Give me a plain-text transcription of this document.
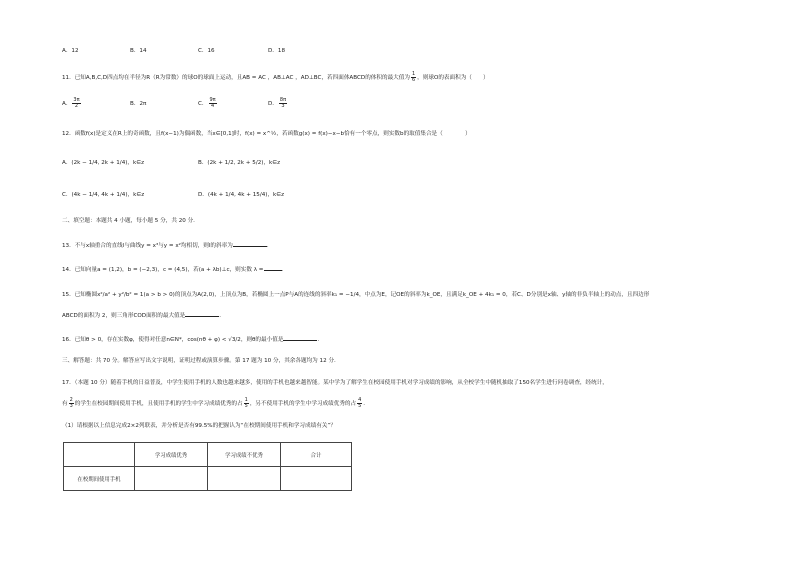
A．12	B．14	C．16	D．18
11．已知A,B,C,D四点均在半径为R（R为常数）的球O的球面上运动，且AB = AC ，AB⊥AC ，AD⊥BC，若四面体ABCD的体积的最大值为 $\frac{1}{6}$ ，则球O的表面积为（　　）
A． $\frac{3\pi}{2}$	B．2π	C． $\frac{9\pi}{4}$	D． $\frac{8\pi}{3}$
12．函数f(x)是定义在R上的奇函数，且f(x−1)为偶函数，当x∈[0,1]时，f(x) = x^½，若函数g(x) = f(x)−x−b恰有一个零点，则实数b的取值集合是（　　　　）
A．(2k − 1/4, 2k + 1/4)，k∈z	B．(2k + 1/2, 2k + 5/2)，k∈z
C．(4k − 1/4, 4k + 1/4)，k∈z	D．(4k + 1/4, 4k + 15/4)，k∈z
二、填空题：本题共 4 小题，每小题 5 分，共 20 分.
13．不与x轴重合的直线l与曲线y = x³与y = x²均相切，则l的斜率为	.
14．已知向量a = (1,2)，b = (−2,3)，c = (4,5)，若(a + λb)⊥c，则实数 λ =	.
15．已知椭圆x²/a² + y²/b² = 1(a > b > 0)的顶点为A(2,0)，上顶点为B，若椭圆上一点P与A的连线的斜率k₁ = −1/4，中点为E，记OE的斜率为k_OE，且满足k_OE + 4k₁ = 0，若C、D分别是x轴、y轴的非负半轴上的动点，且四边形
ABCD的面积为 2，则三角形COD面积的最大值是	.
16．已知θ > 0，存在实数φ，使得对任意n∈N*，cos(nθ + φ) < √3/2，则θ的最小值是	.
三、解答题：共 70 分。解答应写出文字说明，证明过程或演算步骤。第 17 题为 10 分，其余各题均为 12 分.
17．（本题 10 分）随着手机的日益普及，中学生使用手机的人数也越来越多，使用的手机也越来越智能。某中学为了解学生在校园使用手机对学习成绩的影响，从全校学生中随机抽取了150名学生进行问卷调查，经统计，
有 $\frac{2}{3}$ 的学生在校园期间使用手机，且使用手机的学生中学习成绩优秀的占 $\frac{1}{5}$ ，另不使用手机的学生中学习成绩优秀的占 $\frac{4}{5}$ .
（1）请根据以上信息完成2×2列联表，并分析是否有99.5%的把握认为“在校期间使用手机和学习成绩有关”？
	学习成绩优秀	学习成绩不优秀	合计
在校期间使用手机			
